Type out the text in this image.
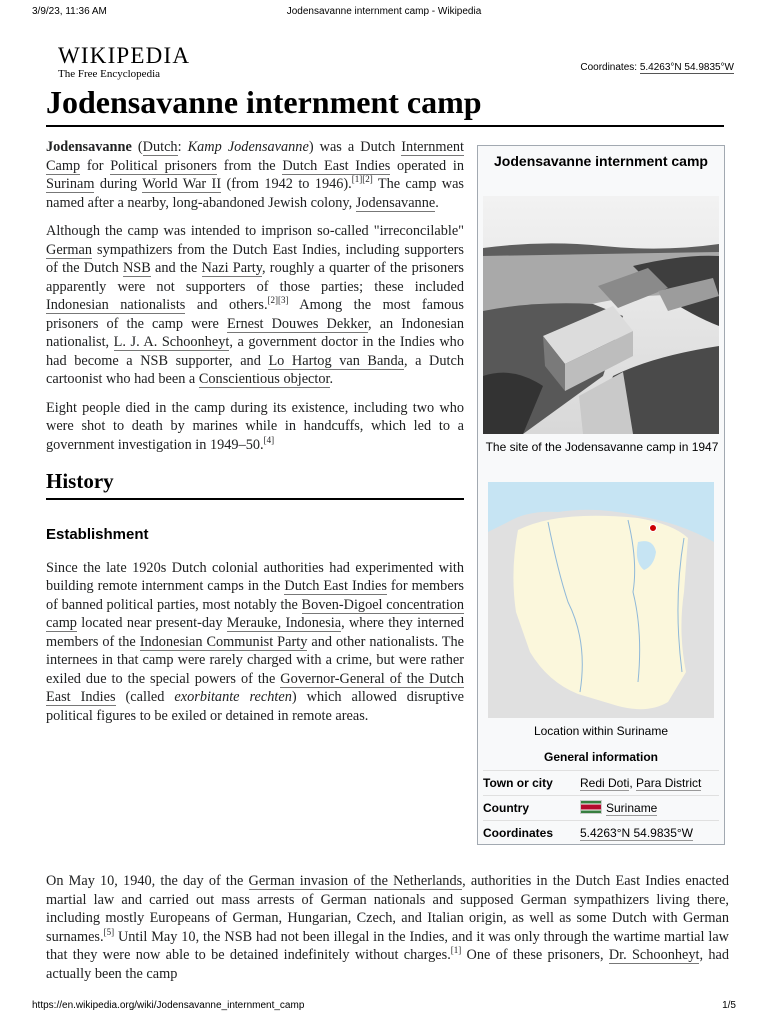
3/9/23, 11:36 AM	Jodensavanne internment camp - Wikipedia
WIKIPEDIA
The Free Encyclopedia
Coordinates: 5.4263°N 54.9835°W
Jodensavanne internment camp

Jodensavanne (Dutch: Kamp Jodensavanne) was a Dutch Internment Camp for Political prisoners from the Dutch East Indies operated in Surinam during World War II (from 1942 to 1946).[1][2] The camp was named after a nearby, long-abandoned Jewish colony, Jodensavanne.

Although the camp was intended to imprison so-called "irreconcilable" German sympathizers from the Dutch East Indies, including supporters of the Dutch NSB and the Nazi Party, roughly a quarter of the prisoners apparently were not supporters of those parties; these included Indonesian nationalists and others.[2][3] Among the most famous prisoners of the camp were Ernest Douwes Dekker, an Indonesian nationalist, L. J. A. Schoonheyt, a government doctor in the Indies who had become a NSB supporter, and Lo Hartog van Banda, a Dutch cartoonist who had been a Conscientious objector.

Eight people died in the camp during its existence, including two who were shot to death by marines while in handcuffs, which led to a government investigation in 1949–50.[4]

History
Establishment

Since the late 1920s Dutch colonial authorities had experimented with building remote internment camps in the Dutch East Indies for members of banned political parties, most notably the Boven-Digoel concentration camp located near present-day Merauke, Indonesia, where they interned members of the Indonesian Communist Party and other nationalists. The internees in that camp were rarely charged with a crime, but were rather exiled due to the special powers of the Governor-General of the Dutch East Indies (called exorbitante rechten) which allowed disruptive political figures to be exiled or detained in remote areas.

On May 10, 1940, the day of the German invasion of the Netherlands, authorities in the Dutch East Indies enacted martial law and carried out mass arrests of German nationals and supposed German sympathizers living there, including mostly Europeans of German, Hungarian, Czech, and Italian origin, as well as some Dutch with German surnames.[5] Until May 10, the NSB had not been illegal in the Indies, and it was only through the wartime martial law that they were now able to be detained indefinitely without charges.[1] One of these prisoners, Dr. Schoonheyt, had actually been the camp

Jodensavanne internment camp
The site of the Jodensavanne camp in 1947
Location within Suriname
General information
Town or city Redi Doti, Para District
Country	Suriname
Coordinates 5.4263°N 54.9835°W
https://en.wikipedia.org/wiki/Jodensavanne_internment_camp	1/5
